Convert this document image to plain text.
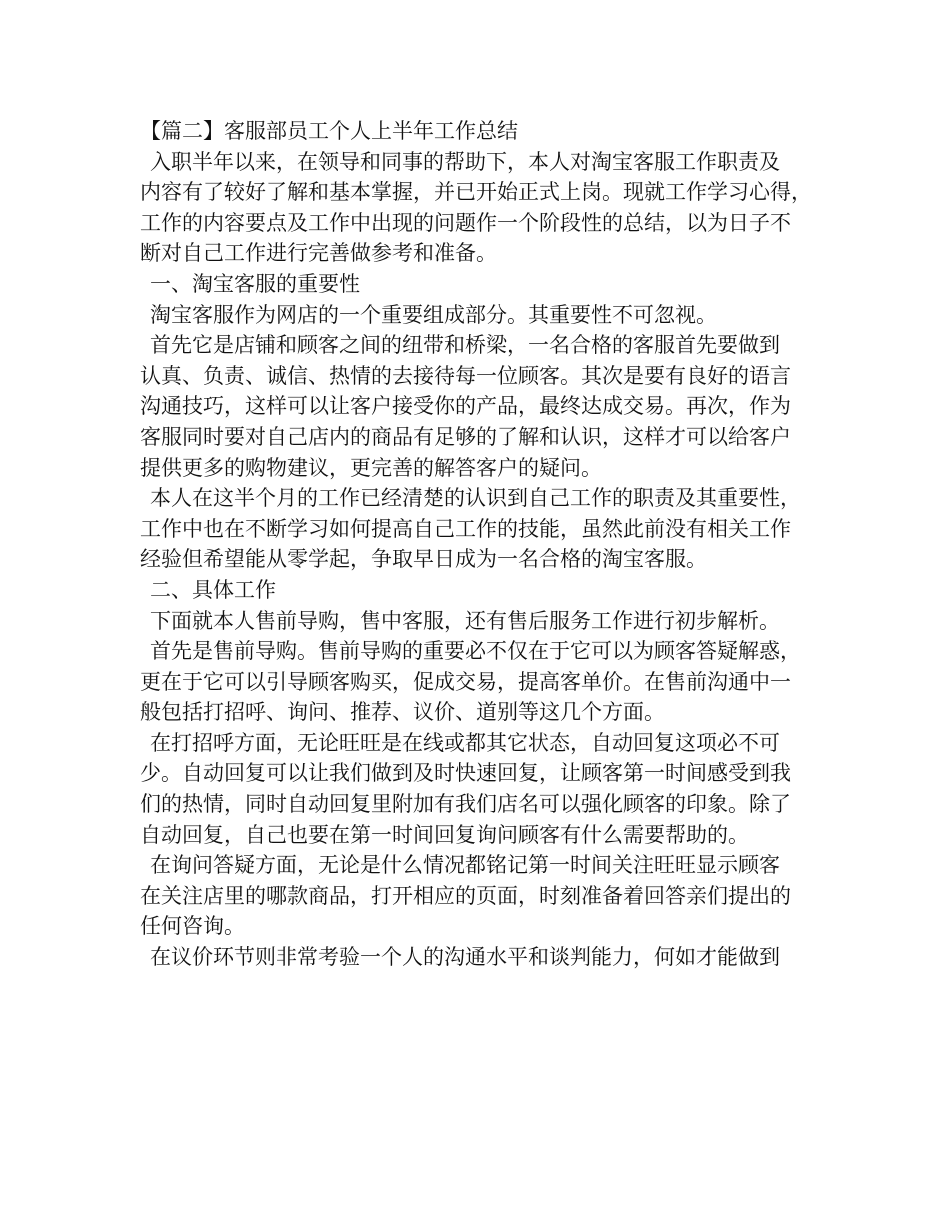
【篇二】客服部员工个人上半年工作总结
入职半年以来，在领导和同事的帮助下，本人对淘宝客服工作职责及
内容有了较好了解和基本掌握，并已开始正式上岗。现就工作学习心得，
工作的内容要点及工作中出现的问题作一个阶段性的总结，以为日子不
断对自己工作进行完善做参考和准备。
一、淘宝客服的重要性
淘宝客服作为网店的一个重要组成部分。其重要性不可忽视。
首先它是店铺和顾客之间的纽带和桥梁，一名合格的客服首先要做到
认真、负责、诚信、热情的去接待每一位顾客。其次是要有良好的语言
沟通技巧，这样可以让客户接受你的产品，最终达成交易。再次，作为
客服同时要对自己店内的商品有足够的了解和认识，这样才可以给客户
提供更多的购物建议，更完善的解答客户的疑问。
本人在这半个月的工作已经清楚的认识到自己工作的职责及其重要性，
工作中也在不断学习如何提高自己工作的技能，虽然此前没有相关工作
经验但希望能从零学起，争取早日成为一名合格的淘宝客服。
二、具体工作
下面就本人售前导购，售中客服，还有售后服务工作进行初步解析。
首先是售前导购。售前导购的重要必不仅在于它可以为顾客答疑解惑，
更在于它可以引导顾客购买，促成交易，提高客单价。在售前沟通中一
般包括打招呼、询问、推荐、议价、道别等这几个方面。
在打招呼方面，无论旺旺是在线或都其它状态，自动回复这项必不可
少。自动回复可以让我们做到及时快速回复，让顾客第一时间感受到我
们的热情，同时自动回复里附加有我们店名可以强化顾客的印象。除了
自动回复，自己也要在第一时间回复询问顾客有什么需要帮助的。
在询问答疑方面，无论是什么情况都铭记第一时间关注旺旺显示顾客
在关注店里的哪款商品，打开相应的页面，时刻准备着回答亲们提出的
任何咨询。
在议价环节则非常考验一个人的沟通水平和谈判能力，何如才能做到
